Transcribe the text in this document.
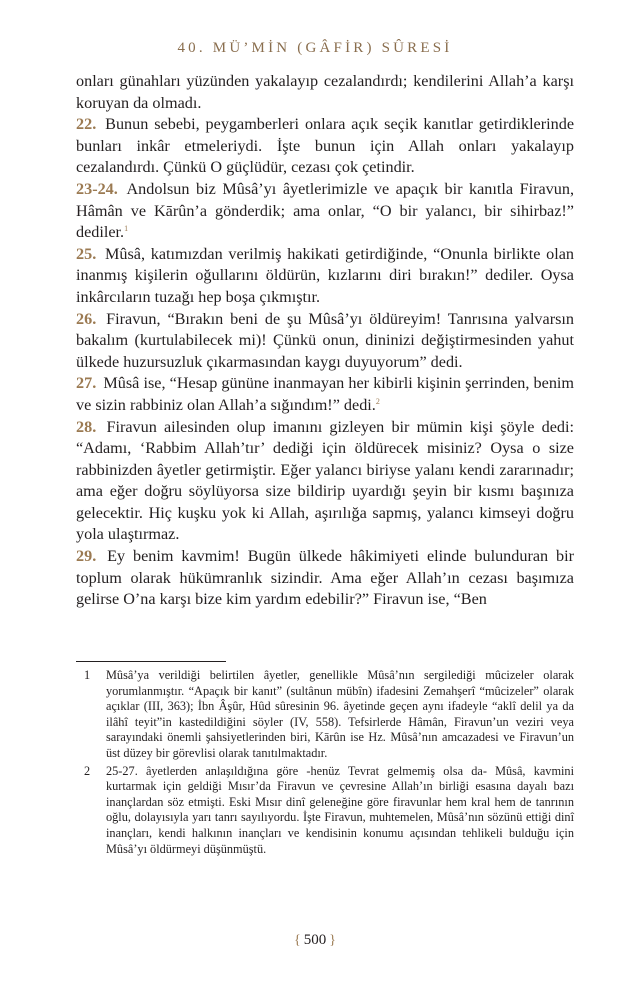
40. MÜ’MİN (GÂFİR) SÛRESİ

onları günahları yüzünden yakalayıp cezalandırdı; kendilerini Allah’a karşı koruyan da olmadı.

22. Bunun sebebi, peygamberleri onlara açık seçik kanıtlar getirdiklerinde bunları inkâr etmeleriydi. İşte bunun için Allah onları yakalayıp cezalandırdı. Çünkü O güçlüdür, cezası çok çetindir.

23-24. Andolsun biz Mûsâ’yı âyetlerimizle ve apaçık bir kanıtla Firavun, Hâmân ve Kārûn’a gönderdik; ama onlar, “O bir yalancı, bir sihirbaz!” dediler.$^1$

25. Mûsâ, katımızdan verilmiş hakikati getirdiğinde, “Onunla birlikte olan inanmış kişilerin oğullarını öldürün, kızlarını diri bırakın!” dediler. Oysa inkârcıların tuzağı hep boşa çıkmıştır.

26. Firavun, “Bırakın beni de şu Mûsâ’yı öldüreyim! Tanrısına yalvarsın bakalım (kurtulabilecek mi)! Çünkü onun, dininizi değiştirmesinden yahut ülkede huzursuzluk çıkarmasından kaygı duyuyorum” dedi.

27. Mûsâ ise, “Hesap gününe inanmayan her kibirli kişinin şerrinden, benim ve sizin rabbiniz olan Allah’a sığındım!” dedi.$^2$

28. Firavun ailesinden olup imanını gizleyen bir mümin kişi şöyle dedi: “Adamı, ‘Rabbim Allah’tır’ dediği için öldürecek misiniz? Oysa o size rabbinizden âyetler getirmiştir. Eğer yalancı biriyse yalanı kendi zararınadır; ama eğer doğru söylüyorsa size bildirip uyardığı şeyin bir kısmı başınıza gelecektir. Hiç kuşku yok ki Allah, aşırılığa sapmış, yalancı kimseyi doğru yola ulaştırmaz.

29. Ey benim kavmim! Bugün ülkede hâkimiyeti elinde bulunduran bir toplum olarak hükümranlık sizindir. Ama eğer Allah’ın cezası başımıza gelirse O’na karşı bize kim yardım edebilir?” Firavun ise, “Ben

1	Mûsâ’ya verildiği belirtilen âyetler, genellikle Mûsâ’nın sergilediği mûcizeler olarak yorumlanmıştır. “Apaçık bir kanıt” (sultânun mübîn) ifadesini Zemahşerî “mûcizeler” olarak açıklar (III, 363); İbn Âşûr, Hûd sûresinin 96. âyetinde geçen aynı ifadeyle “aklî delil ya da ilâhî teyit”in kastedildiğini söyler (IV, 558). Tefsirlerde Hâmân, Firavun’un veziri veya sarayındaki önemli şahsiyetlerinden biri, Kārûn ise Hz. Mûsâ’nın amcazadesi ve Firavun’un üst düzey bir görevlisi olarak tanıtılmaktadır.
2	25-27. âyetlerden anlaşıldığına göre -henüz Tevrat gelmemiş olsa da- Mûsâ, kavmini kurtarmak için geldiği Mısır’da Firavun ve çevresine Allah’ın birliği esasına dayalı bazı inançlardan söz etmişti. Eski Mısır dinî geleneğine göre firavunlar hem kral hem de tanrının oğlu, dolayısıyla yarı tanrı sayılıyordu. İşte Firavun, muhtemelen, Mûsâ’nın sözünü ettiği dinî inançları, kendi halkının inançları ve kendisinin konumu açısından tehlikeli bulduğu için Mûsâ’yı öldürmeyi düşünmüştü.
{ 500 }
